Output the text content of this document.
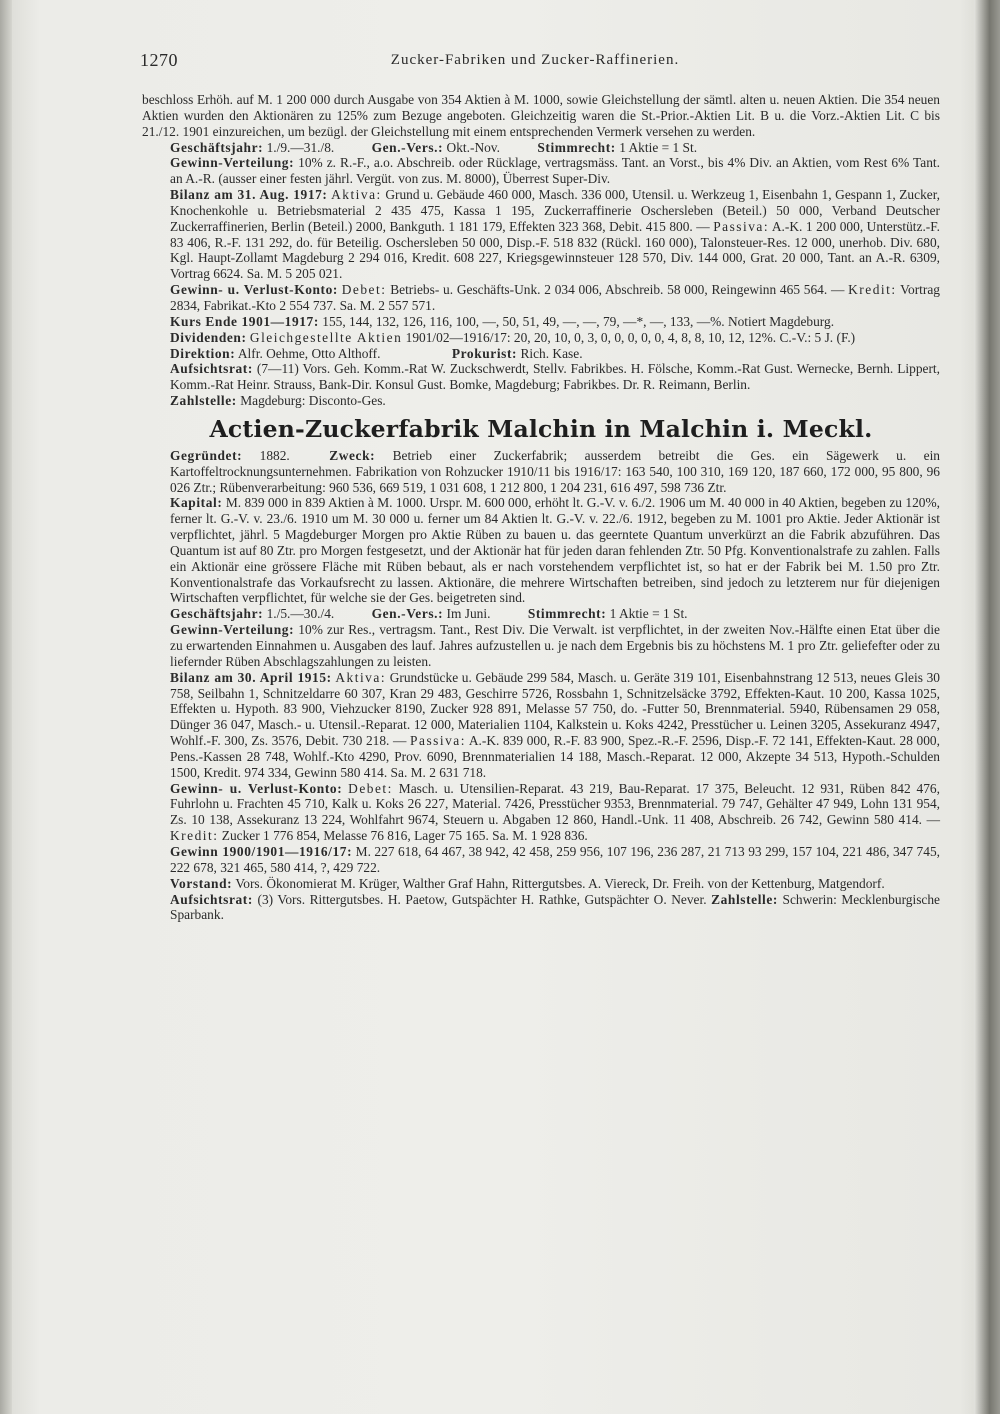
1270	Zucker-Fabriken und Zucker-Raffinerien.

beschloss Erhöh. auf M. 1 200 000 durch Ausgabe von 354 Aktien à M. 1000, sowie Gleichstellung der sämtl. alten u. neuen Aktien. Die 354 neuen Aktien wurden den Aktionären zu 125% zum Bezuge angeboten. Gleichzeitig waren die St.-Prior.-Aktien Lit. B u. die Vorz.-Aktien Lit. C bis 21./12. 1901 einzureichen, um bezügl. der Gleichstellung mit einem entsprechenden Vermerk versehen zu werden.

Geschäftsjahr: 1./9.—31./8.	Gen.-Vers.: Okt.-Nov.	Stimmrecht: 1 Aktie = 1 St.

Gewinn-Verteilung: 10% z. R.-F., a.o. Abschreib. oder Rücklage, vertragsmäss. Tant. an Vorst., bis 4% Div. an Aktien, vom Rest 6% Tant. an A.-R. (ausser einer festen jährl. Vergüt. von zus. M. 8000), Überrest Super-Div.

Bilanz am 31. Aug. 1917: Aktiva: Grund u. Gebäude 460 000, Masch. 336 000, Utensil. u. Werkzeug 1, Eisenbahn 1, Gespann 1, Zucker, Knochenkohle u. Betriebsmaterial 2 435 475, Kassa 1 195, Zuckerraffinerie Oschersleben (Beteil.) 50 000, Verband Deutscher Zuckerraffinerien, Berlin (Beteil.) 2000, Bankguth. 1 181 179, Effekten 323 368, Debit. 415 800. — Passiva: A.-K. 1 200 000, Unterstütz.-F. 83 406, R.-F. 131 292, do. für Beteilig. Oschersleben 50 000, Disp.-F. 518 832 (Rückl. 160 000), Talonsteuer-Res. 12 000, unerhob. Div. 680, Kgl. Haupt-Zollamt Magdeburg 2 294 016, Kredit. 608 227, Kriegsgewinnsteuer 128 570, Div. 144 000, Grat. 20 000, Tant. an A.-R. 6309, Vortrag 6624. Sa. M. 5 205 021.

Gewinn- u. Verlust-Konto: Debet: Betriebs- u. Geschäfts-Unk. 2 034 006, Abschreib. 58 000, Reingewinn 465 564. — Kredit: Vortrag 2834, Fabrikat.-Kto 2 554 737. Sa. M. 2 557 571.

Kurs Ende 1901—1917: 155, 144, 132, 126, 116, 100, —, 50, 51, 49, —, —, 79, —*, —, 133, —%. Notiert Magdeburg.

Dividenden: Gleichgestellte Aktien 1901/02—1916/17: 20, 20, 10, 0, 3, 0, 0, 0, 0, 0, 4, 8, 8, 10, 12, 12%. C.-V.: 5 J. (F.)

Direktion: Alfr. Oehme, Otto Althoff.	Prokurist: Rich. Kase.

Aufsichtsrat: (7—11) Vors. Geh. Komm.-Rat W. Zuckschwerdt, Stellv. Fabrikbes. H. Fölsche, Komm.-Rat Gust. Wernecke, Bernh. Lippert, Komm.-Rat Heinr. Strauss, Bank-Dir. Konsul Gust. Bomke, Magdeburg; Fabrikbes. Dr. R. Reimann, Berlin.

Zahlstelle: Magdeburg: Disconto-Ges.

Actien-Zuckerfabrik Malchin in Malchin i. Meckl.

Gegründet: 1882.	Zweck: Betrieb einer Zuckerfabrik; ausserdem betreibt die Ges. ein Sägewerk u. ein Kartoffeltrocknungsunternehmen. Fabrikation von Rohzucker 1910/11 bis 1916/17: 163 540, 100 310, 169 120, 187 660, 172 000, 95 800, 96 026 Ztr.; Rübenverarbeitung: 960 536, 669 519, 1 031 608, 1 212 800, 1 204 231, 616 497, 598 736 Ztr.

Kapital: M. 839 000 in 839 Aktien à M. 1000. Urspr. M. 600 000, erhöht lt. G.-V. v. 6./2. 1906 um M. 40 000 in 40 Aktien, begeben zu 120%, ferner lt. G.-V. v. 23./6. 1910 um M. 30 000 u. ferner um 84 Aktien lt. G.-V. v. 22./6. 1912, begeben zu M. 1001 pro Aktie. Jeder Aktionär ist verpflichtet, jährl. 5 Magdeburger Morgen pro Aktie Rüben zu bauen u. das geerntete Quantum unverkürzt an die Fabrik abzuführen. Das Quantum ist auf 80 Ztr. pro Morgen festgesetzt, und der Aktionär hat für jeden daran fehlenden Ztr. 50 Pfg. Konventionalstrafe zu zahlen. Falls ein Aktionär eine grössere Fläche mit Rüben bebaut, als er nach vorstehendem verpflichtet ist, so hat er der Fabrik bei M. 1.50 pro Ztr. Konventionalstrafe das Vorkaufsrecht zu lassen. Aktionäre, die mehrere Wirtschaften betreiben, sind jedoch zu letzterem nur für diejenigen Wirtschaften verpflichtet, für welche sie der Ges. beigetreten sind.

Geschäftsjahr: 1./5.—30./4.	Gen.-Vers.: Im Juni.	Stimmrecht: 1 Aktie = 1 St.

Gewinn-Verteilung: 10% zur Res., vertragsm. Tant., Rest Div. Die Verwalt. ist verpflichtet, in der zweiten Nov.-Hälfte einen Etat über die zu erwartenden Einnahmen u. Ausgaben des lauf. Jahres aufzustellen u. je nach dem Ergebnis bis zu höchstens M. 1 pro Ztr. geliefefter oder zu liefernder Rüben Abschlagszahlungen zu leisten.

Bilanz am 30. April 1915: Aktiva: Grundstücke u. Gebäude 299 584, Masch. u. Geräte 319 101, Eisenbahnstrang 12 513, neues Gleis 30 758, Seilbahn 1, Schnitzeldarre 60 307, Kran 29 483, Geschirre 5726, Rossbahn 1, Schnitzelsäcke 3792, Effekten-Kaut. 10 200, Kassa 1025, Effekten u. Hypoth. 83 900, Viehzucker 8190, Zucker 928 891, Melasse 57 750, do. -Futter 50, Brennmaterial. 5940, Rübensamen 29 058, Dünger 36 047, Masch.- u. Utensil.-Reparat. 12 000, Materialien 1104, Kalkstein u. Koks 4242, Presstücher u. Leinen 3205, Assekuranz 4947, Wohlf.-F. 300, Zs. 3576, Debit. 730 218. — Passiva: A.-K. 839 000, R.-F. 83 900, Spez.-R.-F. 2596, Disp.-F. 72 141, Effekten-Kaut. 28 000, Pens.-Kassen 28 748, Wohlf.-Kto 4290, Prov. 6090, Brennmaterialien 14 188, Masch.-Reparat. 12 000, Akzepte 34 513, Hypoth.-Schulden 1500, Kredit. 974 334, Gewinn 580 414. Sa. M. 2 631 718.

Gewinn- u. Verlust-Konto: Debet: Masch. u. Utensilien-Reparat. 43 219, Bau-Reparat. 17 375, Beleucht. 12 931, Rüben 842 476, Fuhrlohn u. Frachten 45 710, Kalk u. Koks 26 227, Material. 7426, Presstücher 9353, Brennmaterial. 79 747, Gehälter 47 949, Lohn 131 954, Zs. 10 138, Assekuranz 13 224, Wohlfahrt 9674, Steuern u. Abgaben 12 860, Handl.-Unk. 11 408, Abschreib. 26 742, Gewinn 580 414. — Kredit: Zucker 1 776 854, Melasse 76 816, Lager 75 165. Sa. M. 1 928 836.

Gewinn 1900/1901—1916/17: M. 227 618, 64 467, 38 942, 42 458, 259 956, 107 196, 236 287, 21 713 93 299, 157 104, 221 486, 347 745, 222 678, 321 465, 580 414, ?, 429 722.

Vorstand: Vors. Ökonomierat M. Krüger, Walther Graf Hahn, Rittergutsbes. A. Viereck, Dr. Freih. von der Kettenburg, Matgendorf.

Aufsichtsrat: (3) Vors. Rittergutsbes. H. Paetow, Gutspächter H. Rathke, Gutspächter O. Never. Zahlstelle: Schwerin: Mecklenburgische Sparbank.
